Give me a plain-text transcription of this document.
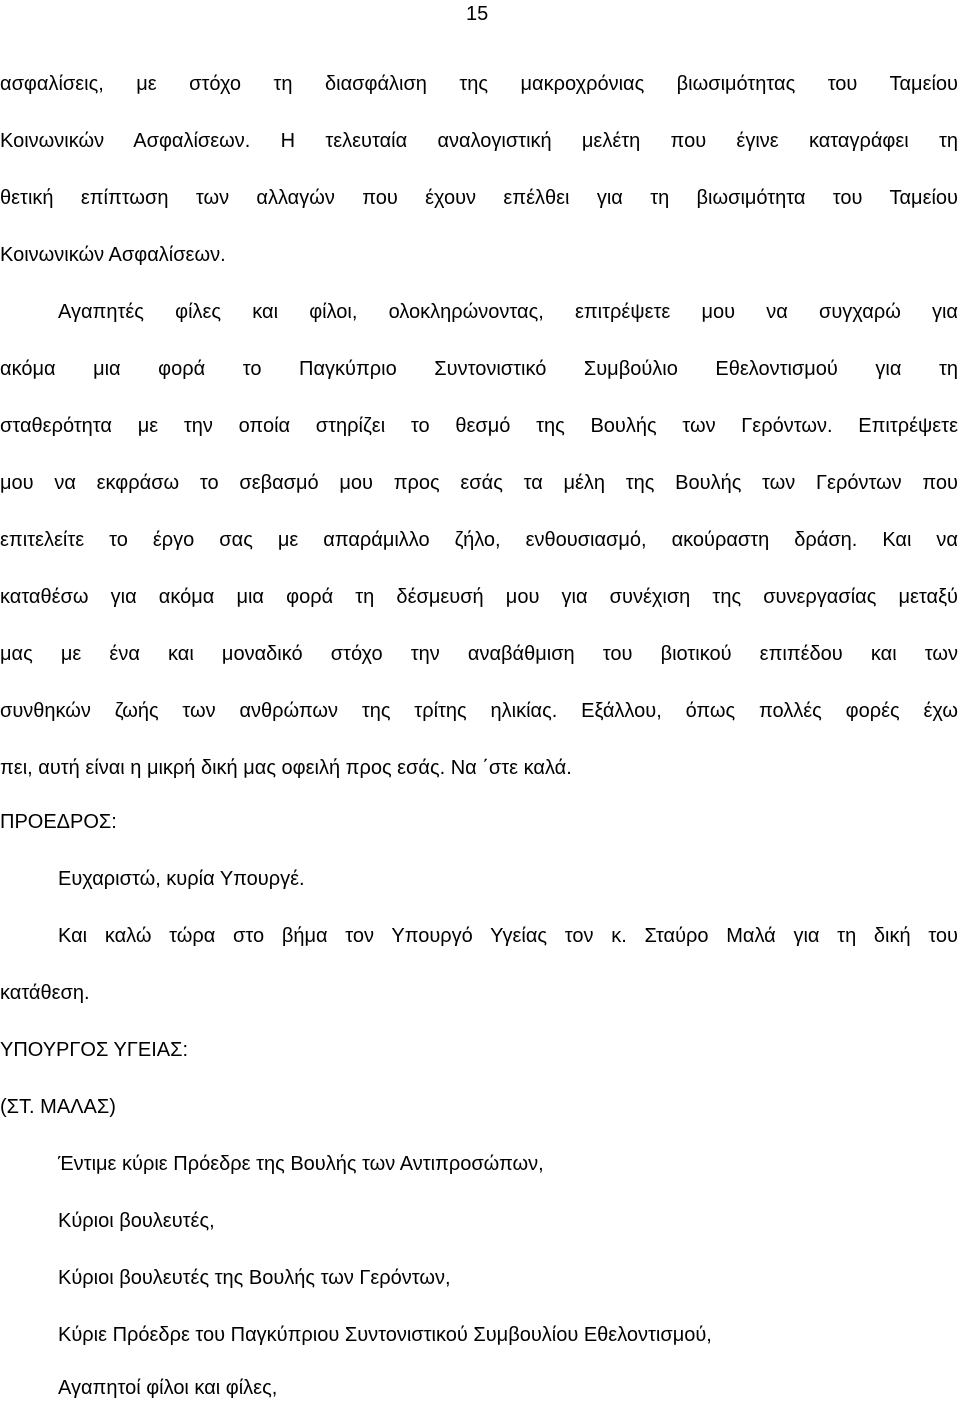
15
ασφαλίσεις, με στόχο τη διασφάλιση της μακροχρόνιας βιωσιμότητας του Ταμείου
Κοινωνικών Ασφαλίσεων. Η τελευταία αναλογιστική μελέτη που έγινε καταγράφει τη
θετική επίπτωση των αλλαγών που έχουν επέλθει για τη βιωσιμότητα του Ταμείου
Κοινωνικών Ασφαλίσεων.
Αγαπητές φίλες και φίλοι, ολοκληρώνοντας, επιτρέψετε μου να συγχαρώ για
ακόμα μια φορά το Παγκύπριο Συντονιστικό Συμβούλιο Εθελοντισμού για τη
σταθερότητα με την οποία στηρίζει το θεσμό της Βουλής των Γερόντων. Επιτρέψετε
μου να εκφράσω το σεβασμό μου προς εσάς τα μέλη της Βουλής των Γερόντων που
επιτελείτε το έργο σας με απαράμιλλο ζήλο, ενθουσιασμό, ακούραστη δράση. Και να
καταθέσω για ακόμα μια φορά τη δέσμευσή μου για συνέχιση της συνεργασίας μεταξύ
μας με ένα και μοναδικό στόχο την αναβάθμιση του βιοτικού επιπέδου και των
συνθηκών ζωής των ανθρώπων της τρίτης ηλικίας. Εξάλλου, όπως πολλές φορές έχω
πει, αυτή είναι η μικρή δική μας οφειλή προς εσάς. Να ΄στε καλά.
ΠΡΟΕΔΡΟΣ:
Ευχαριστώ, κυρία Υπουργέ.
Και καλώ τώρα στο βήμα τον Υπουργό Υγείας τον κ. Σταύρο Μαλά για τη δική του
κατάθεση.
ΥΠΟΥΡΓΟΣ ΥΓΕΙΑΣ:
(ΣΤ. ΜΑΛΑΣ)
Έντιμε κύριε Πρόεδρε της Βουλής των Αντιπροσώπων,
Κύριοι βουλευτές,
Κύριοι βουλευτές της Βουλής των Γερόντων,
Κύριε Πρόεδρε του Παγκύπριου Συντονιστικού Συμβουλίου Εθελοντισμού,
Αγαπητοί φίλοι και φίλες,
